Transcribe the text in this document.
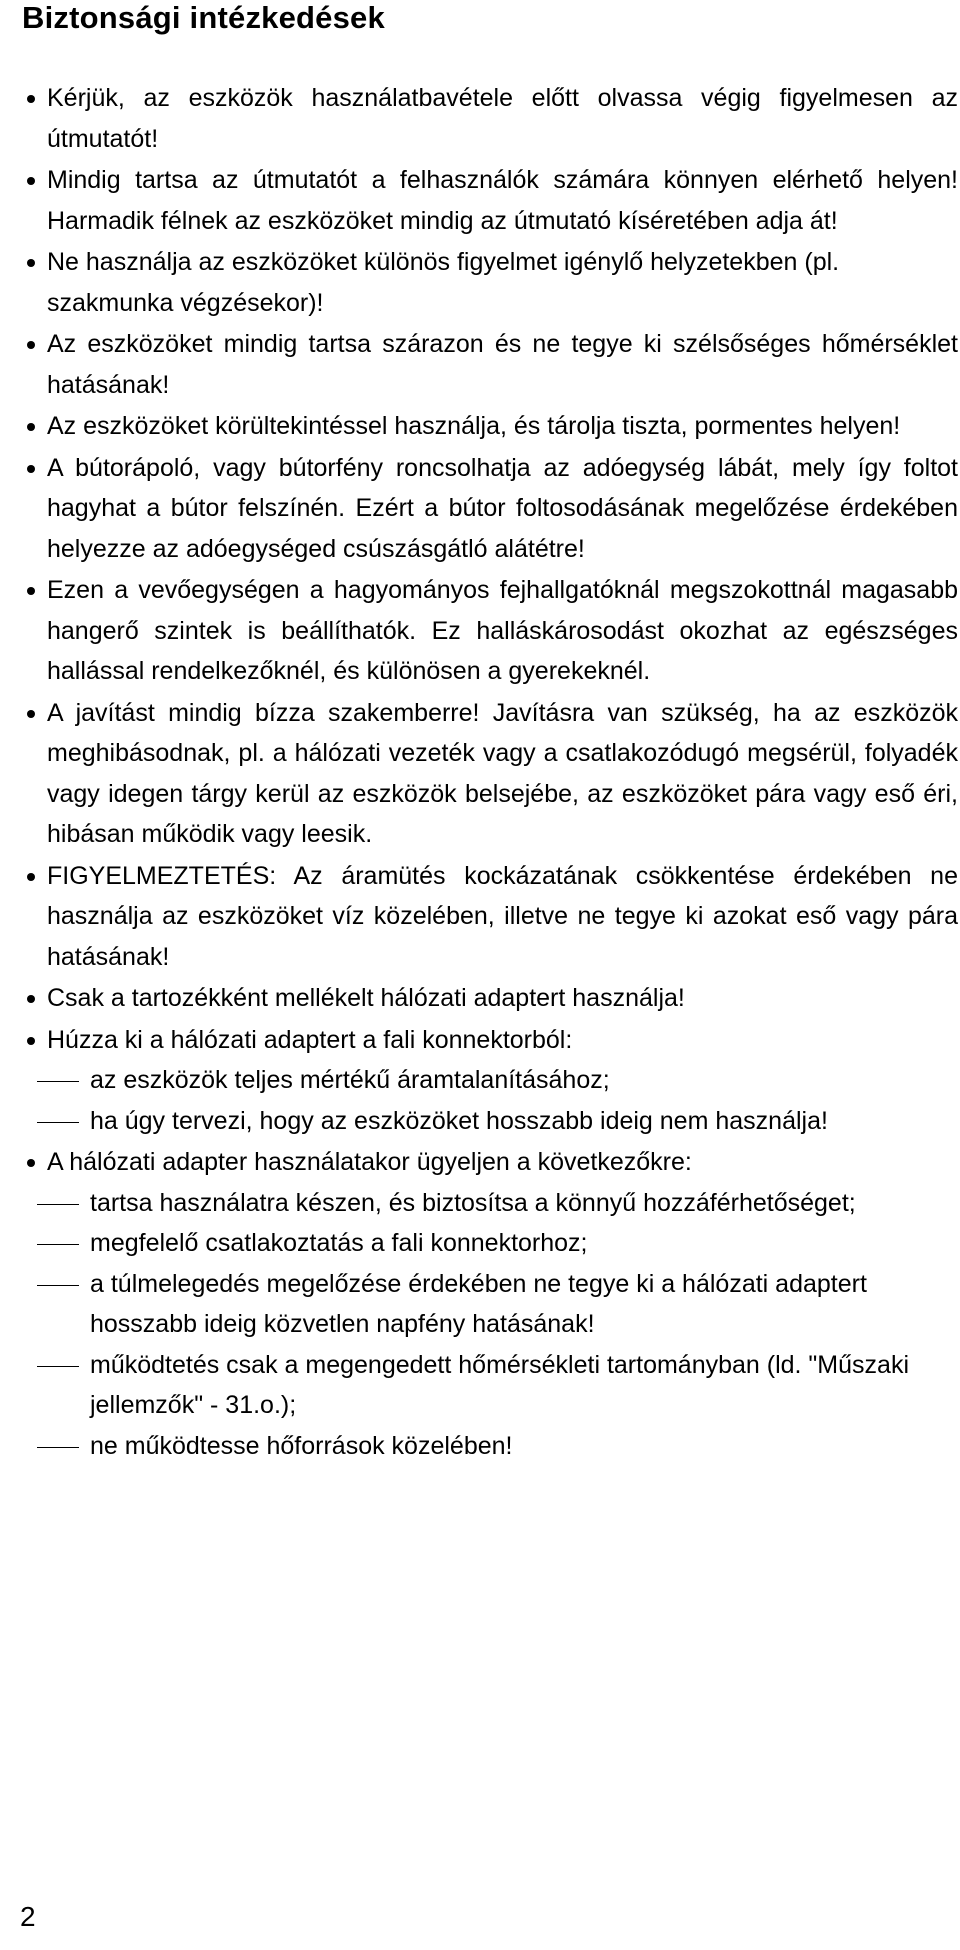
Biztonsági intézkedések
Kérjük, az eszközök használatbavétele előtt olvassa végig figyelmesen az útmutatót!
Mindig tartsa az útmutatót a felhasználók számára könnyen elérhető helyen! Harmadik félnek az eszközöket mindig az útmutató kíséretében adja át!
Ne használja az eszközöket különös figyelmet igénylő helyzetekben (pl. szakmunka végzésekor)!
Az eszközöket mindig tartsa szárazon és ne tegye ki szélsőséges hőmérséklet hatásának!
Az eszközöket körültekintéssel használja, és tárolja tiszta, pormentes helyen!
A bútorápoló, vagy bútorfény roncsolhatja az adóegység lábát, mely így foltot hagyhat a bútor felszínén. Ezért a bútor foltosodásának megelőzése érdekében helyezze az adóegységed csúszásgátló alátétre!
Ezen a vevőegységen a hagyományos fejhallgatóknál megszokottnál magasabb hangerő szintek is beállíthatók. Ez halláskárosodást okozhat az egészséges hallással rendelkezőknél, és különösen a gyerekeknél.
A javítást mindig bízza szakemberre! Javításra van szükség, ha az eszközök meghibásodnak, pl. a hálózati vezeték vagy a csatlakozódugó megsérül, folyadék vagy idegen tárgy kerül az eszközök belsejébe, az eszközöket pára vagy eső éri, hibásan működik vagy leesik.
FIGYELMEZTETÉS: Az áramütés kockázatának csökkentése érdekében ne használja az eszközöket víz közelében, illetve ne tegye ki azokat eső vagy pára hatásának!
Csak a tartozékként mellékelt hálózati adaptert használja!
Húzza ki a hálózati adaptert a fali konnektorból:
az eszközök teljes mértékű áramtalanításához;
ha úgy tervezi, hogy az eszközöket hosszabb ideig nem használja!
A hálózati adapter használatakor ügyeljen a következőkre:
tartsa használatra készen, és biztosítsa a könnyű hozzáférhetőséget;
megfelelő csatlakoztatás a fali konnektorhoz;
a túlmelegedés megelőzése érdekében ne tegye ki a hálózati adaptert hosszabb ideig közvetlen napfény hatásának!
működtetés csak a megengedett hőmérsékleti tartományban (ld. "Műszaki jellemzők" - 31.o.);
ne működtesse hőforrások közelében!
2
